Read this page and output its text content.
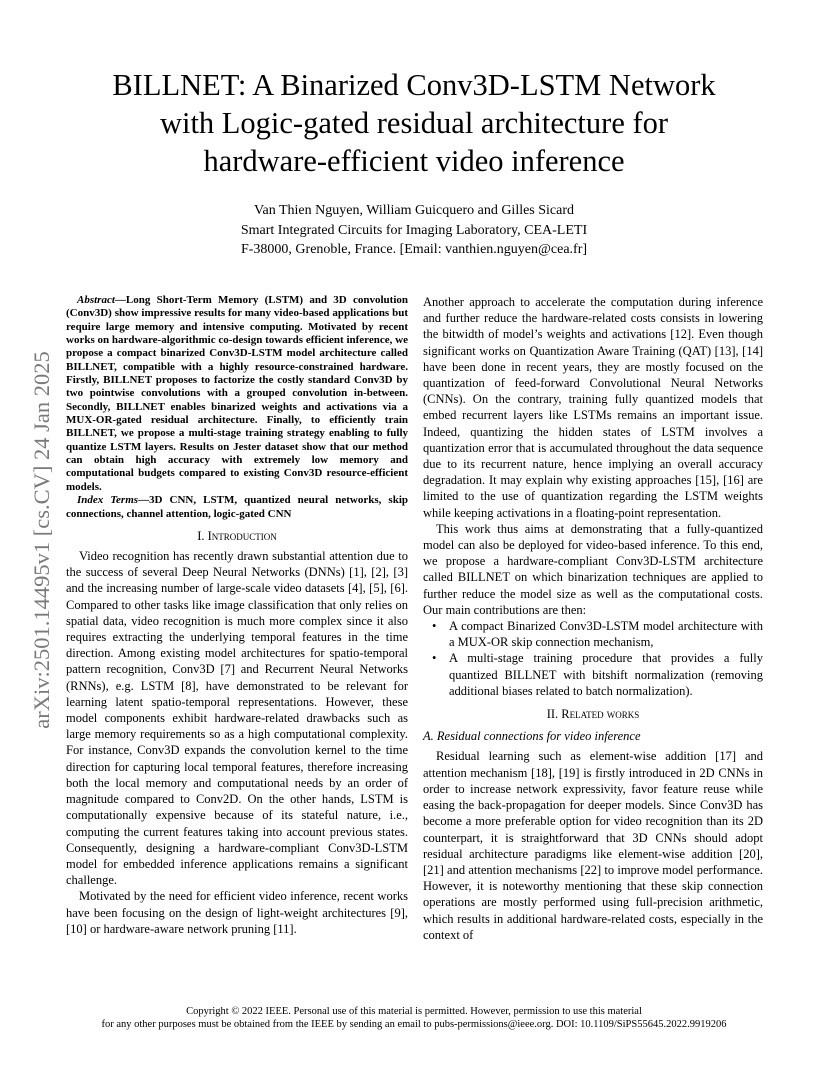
arXiv:2501.14495v1 [cs.CV] 24 Jan 2025
BILLNET: A Binarized Conv3D-LSTM Network
with Logic-gated residual architecture for
hardware-efficient video inference
Van Thien Nguyen, William Guicquero and Gilles Sicard
Smart Integrated Circuits for Imaging Laboratory, CEA-LETI
F-38000, Grenoble, France. [Email: vanthien.nguyen@cea.fr]

Abstract—Long Short-Term Memory (LSTM) and 3D convolution (Conv3D) show impressive results for many video-based applications but require large memory and intensive computing. Motivated by recent works on hardware-algorithmic co-design towards efficient inference, we propose a compact binarized Conv3D-LSTM model architecture called BILLNET, compatible with a highly resource-constrained hardware. Firstly, BILLNET proposes to factorize the costly standard Conv3D by two pointwise convolutions with a grouped convolution in-between. Secondly, BILLNET enables binarized weights and activations via a MUX-OR-gated residual architecture. Finally, to efficiently train BILLNET, we propose a multi-stage training strategy enabling to fully quantize LSTM layers. Results on Jester dataset show that our method can obtain high accuracy with extremely low memory and computational budgets compared to existing Conv3D resource-efficient models.

Index Terms—3D CNN, LSTM, quantized neural networks, skip connections, channel attention, logic-gated CNN

I. Introduction

Video recognition has recently drawn substantial attention due to the success of several Deep Neural Networks (DNNs) [1], [2], [3] and the increasing number of large-scale video datasets [4], [5], [6]. Compared to other tasks like image classification that only relies on spatial data, video recognition is much more complex since it also requires extracting the underlying temporal features in the time direction. Among existing model architectures for spatio-temporal pattern recognition, Conv3D [7] and Recurrent Neural Networks (RNNs), e.g. LSTM [8], have demonstrated to be relevant for learning latent spatio-temporal representations. However, these model components exhibit hardware-related drawbacks such as large memory requirements so as a high computational complexity. For instance, Conv3D expands the convolution kernel to the time direction for capturing local temporal features, therefore increasing both the local memory and computational needs by an order of magnitude compared to Conv2D. On the other hands, LSTM is computationally expensive because of its stateful nature, i.e., computing the current features taking into account previous states. Consequently, designing a hardware-compliant Conv3D-LSTM model for embedded inference applications remains a significant challenge.

Motivated by the need for efficient video inference, recent works have been focusing on the design of light-weight architectures [9], [10] or hardware-aware network pruning [11].

Another approach to accelerate the computation during inference and further reduce the hardware-related costs consists in lowering the bitwidth of model’s weights and activations [12]. Even though significant works on Quantization Aware Training (QAT) [13], [14] have been done in recent years, they are mostly focused on the quantization of feed-forward Convolutional Neural Networks (CNNs). On the contrary, training fully quantized models that embed recurrent layers like LSTMs remains an important issue. Indeed, quantizing the hidden states of LSTM involves a quantization error that is accumulated throughout the data sequence due to its recurrent nature, hence implying an overall accuracy degradation. It may explain why existing approaches [15], [16] are limited to the use of quantization regarding the LSTM weights while keeping activations in a floating-point representation.

This work thus aims at demonstrating that a fully-quantized model can also be deployed for video-based inference. To this end, we propose a hardware-compliant Conv3D-LSTM architecture called BILLNET on which binarization techniques are applied to further reduce the model size as well as the computational costs. Our main contributions are then:

• A compact Binarized Conv3D-LSTM model architecture with a MUX-OR skip connection mechanism,
• A multi-stage training procedure that provides a fully quantized BILLNET with bitshift normalization (removing additional biases related to batch normalization).
II. Related works
A. Residual connections for video inference

Residual learning such as element-wise addition [17] and attention mechanism [18], [19] is firstly introduced in 2D CNNs in order to increase network expressivity, favor feature reuse while easing the back-propagation for deeper models. Since Conv3D has become a more preferable option for video recognition than its 2D counterpart, it is straightforward that 3D CNNs should adopt residual architecture paradigms like element-wise addition [20], [21] and attention mechanisms [22] to improve model performance. However, it is noteworthy mentioning that these skip connection operations are mostly performed using full-precision arithmetic, which results in additional hardware-related costs, especially in the context of

Copyright © 2022 IEEE. Personal use of this material is permitted. However, permission to use this material
for any other purposes must be obtained from the IEEE by sending an email to pubs-permissions@ieee.org. DOI: 10.1109/SiPS55645.2022.9919206
